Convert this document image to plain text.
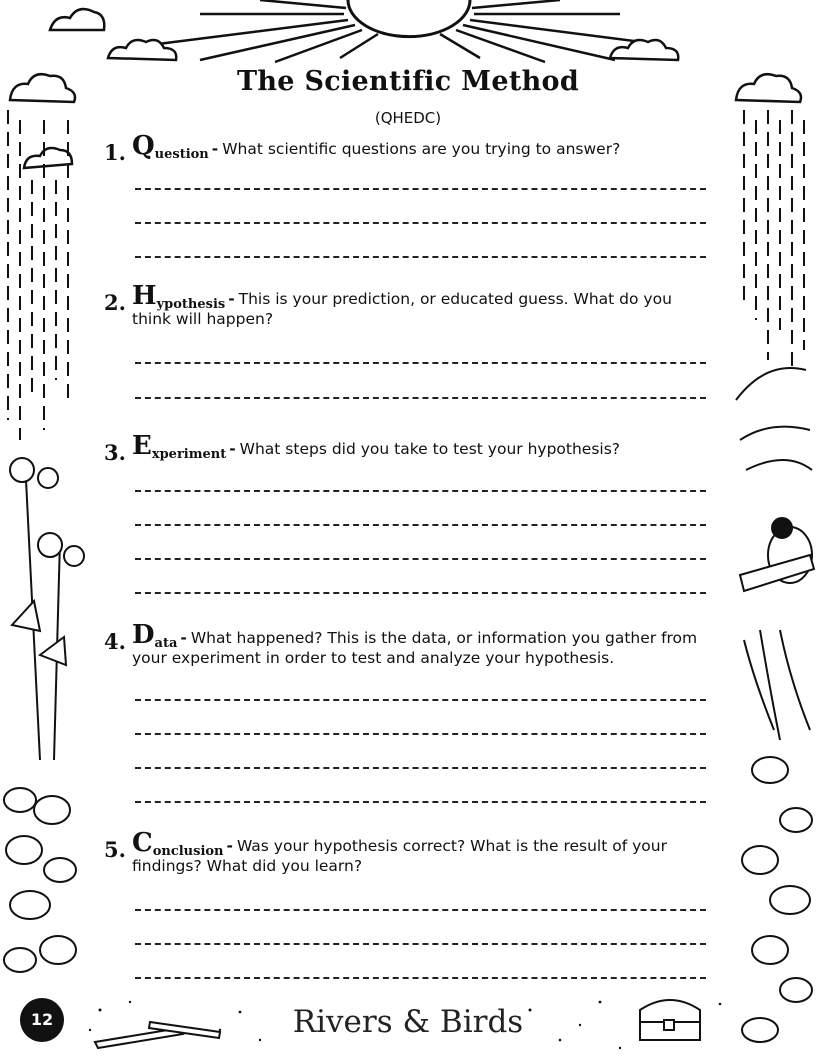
The Scientific Method
(QHEDC)
1. Question - What scientific questions are you trying to answer?
2. Hypothesis - This is your prediction, or educated guess. What do you think will happen?
3. Experiment - What steps did you take to test your hypothesis?
4. Data - What happened? This is the data, or information you gather from your experiment in order to test and analyze your hypothesis.
5. Conclusion - Was your hypothesis correct? What is the result of your findings? What did you learn?
12	Rivers & Birds
